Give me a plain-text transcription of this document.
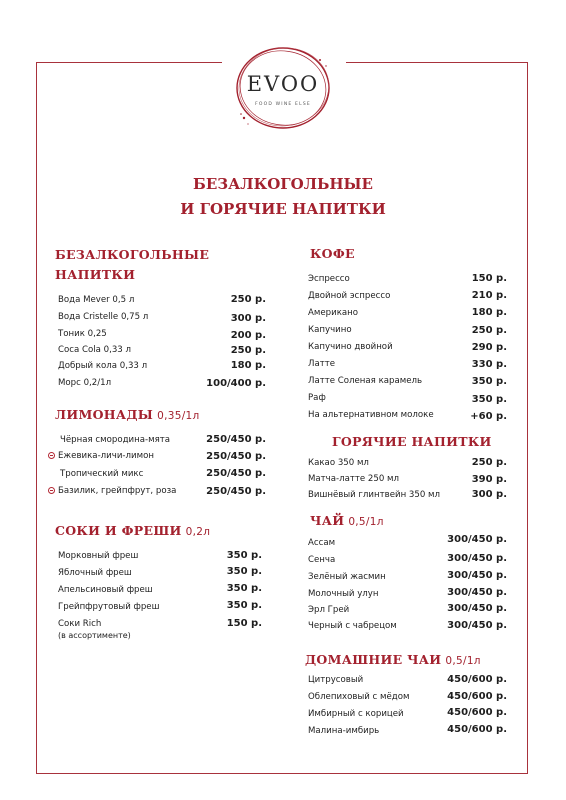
EVOO
FOOD WINE ELSE
БЕЗАЛКОГОЛЬНЫЕ
И ГОРЯЧИЕ НАПИТКИ
БЕЗАЛКОГОЛЬНЫЕ
НАПИТКИ
Вода Mever 0,5 л	250 р.
Вода Cristelle 0,75 л	300 р.
Тоник 0,25	200 р.
Coca Cola 0,33 л	250 р.
Добрый кола 0,33 л	180 р.
Морс 0,2/1л	100/400 р.
ЛИМОНАДЫ 0,35/1л
Чёрная смородина-мята	250/450 р.
Ежевика-личи-лимон	250/450 р.
Тропический микс	250/450 р.
Базилик, грейпфрут, роза	250/450 р.
СОКИ И ФРЕШИ 0,2л
Морковный фреш	350 р.
Яблочный фреш	350 р.
Апельсиновый фреш	350 р.
Грейпфрутовый фреш	350 р.
Соки Rich	150 р.
(в ассортименте)
КОФЕ
Эспрессо	150 р.
Двойной эспрессо	210 р.
Американо	180 р.
Капучино	250 р.
Капучино двойной	290 р.
Латте	330 р.
Латте Соленая карамель	350 р.
Раф	350 р.
На альтернативном молоке	+60 р.
ГОРЯЧИЕ НАПИТКИ
Какао 350 мл	250 р.
Матча-латте 250 мл	390 р.
Вишнёвый глинтвейн 350 мл	300 р.
ЧАЙ 0,5/1л
Ассам	300/450 р.
Сенча	300/450 р.
Зелёный жасмин	300/450 р.
Молочный улун	300/450 р.
Эрл Грей	300/450 р.
Черный с чабрецом	300/450 р.
ДОМАШНИЕ ЧАИ 0,5/1л
Цитрусовый	450/600 р.
Облепиховый с мёдом	450/600 р.
Имбирный с корицей	450/600 р.
Малина-имбирь	450/600 р.
